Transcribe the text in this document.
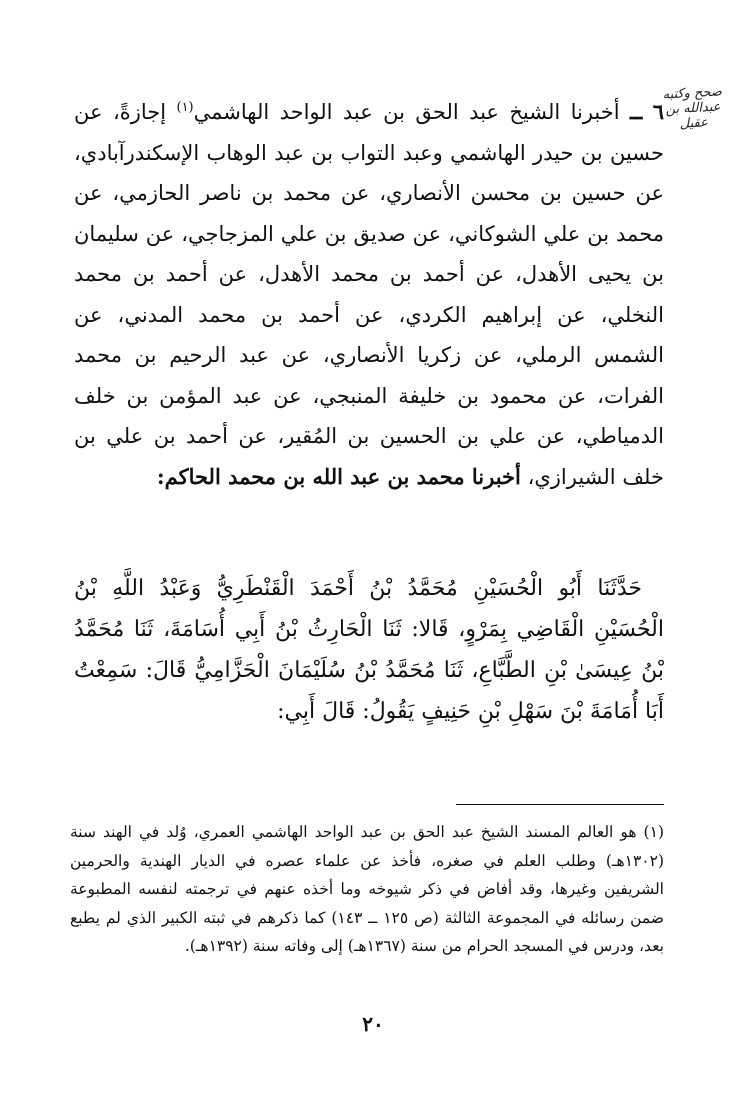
صحح وكتبه عبدالله بن عقيل

٦ ــ أخبرنا الشيخ عبد الحق بن عبد الواحد الهاشمي$^{(١)}$ إجازةً، عن حسين بن حيدر الهاشمي وعبد التواب بن عبد الوهاب الإسكندرآبادي، عن حسين بن محسن الأنصاري، عن محمد بن ناصر الحازمي، عن محمد بن علي الشوكاني، عن صديق بن علي المزجاجي، عن سليمان بن يحيى الأهدل، عن أحمد بن محمد الأهدل، عن أحمد بن محمد النخلي، عن إبراهيم الكردي، عن أحمد بن محمد المدني، عن الشمس الرملي، عن زكريا الأنصاري، عن عبد الرحيم بن محمد الفرات، عن محمود بن خليفة المنبجي، عن عبد المؤمن بن خلف الدمياطي، عن علي بن الحسين بن المُقير، عن أحمد بن علي بن خلف الشيرازي، أخبرنا محمد بن عبد الله بن محمد الحاكم:

حَدَّثَنَا أَبُو الْحُسَيْنِ مُحَمَّدُ بْنُ أَحْمَدَ الْقَنْطَرِيُّ وَعَبْدُ اللَّهِ بْنُ الْحُسَيْنِ الْقَاضِي بِمَرْوٍ، قَالا: ثَنَا الْحَارِثُ بْنُ أَبِي أُسَامَةَ، ثَنَا مُحَمَّدُ بْنُ عِيسَىٰ بْنِ الطَّبَّاعِ، ثَنَا مُحَمَّدُ بْنُ سُلَيْمَانَ الْحَزَّامِيُّ قَالَ: سَمِعْتُ أَبَا أُمَامَةَ بْنَ سَهْلِ بْنِ حَنِيفٍ يَقُولُ: قَالَ أَبِي:

(١) هو العالم المسند الشيخ عبد الحق بن عبد الواحد الهاشمي العمري، وُلد في الهند سنة (١٣٠٢هـ) وطلب العلم في صغره، فأخذ عن علماء عصره في الديار الهندية والحرمين الشريفين وغيرها، وقد أفاض في ذكر شيوخه وما أخذه عنهم في ترجمته لنفسه المطبوعة ضمن رسائله في المجموعة الثالثة (ص ١٢٥ ــ ١٤٣) كما ذكرهم في ثبته الكبير الذي لم يطبع بعد، ودرس في المسجد الحرام من سنة (١٣٦٧هـ) إلى وفاته سنة (١٣٩٢هـ).

٢٠
